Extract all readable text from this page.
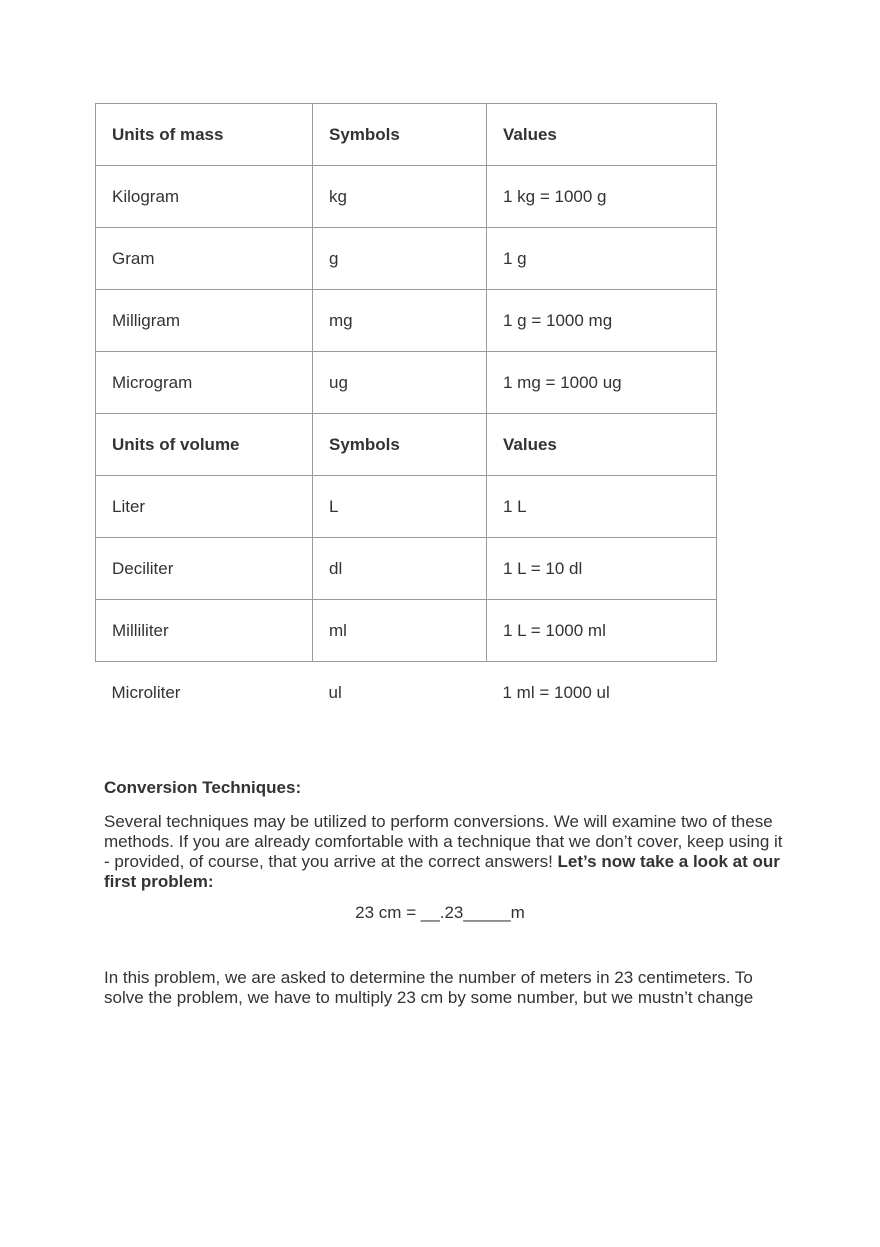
Units of mass	Symbols	Values
Kilogram	kg	1 kg = 1000 g
Gram	g	1 g
Milligram	mg	1 g = 1000 mg
Microgram	ug	1 mg = 1000 ug
Units of volume	Symbols	Values
Liter	L	1 L
Deciliter	dl	1 L = 10 dl
Milliliter	ml	1 L = 1000 ml
Microliter	ul	1 ml = 1000 ul
Conversion Techniques:

Several techniques may be utilized to perform conversions. We will examine two of these methods. If you are already comfortable with a technique that we don’t cover, keep using it - provided, of course, that you arrive at the correct answers! Let’s now take a look at our first problem:

23 cm = __.23_____m

In this problem, we are asked to determine the number of meters in 23 centimeters. To solve the problem, we have to multiply 23 cm by some number, but we mustn’t change
